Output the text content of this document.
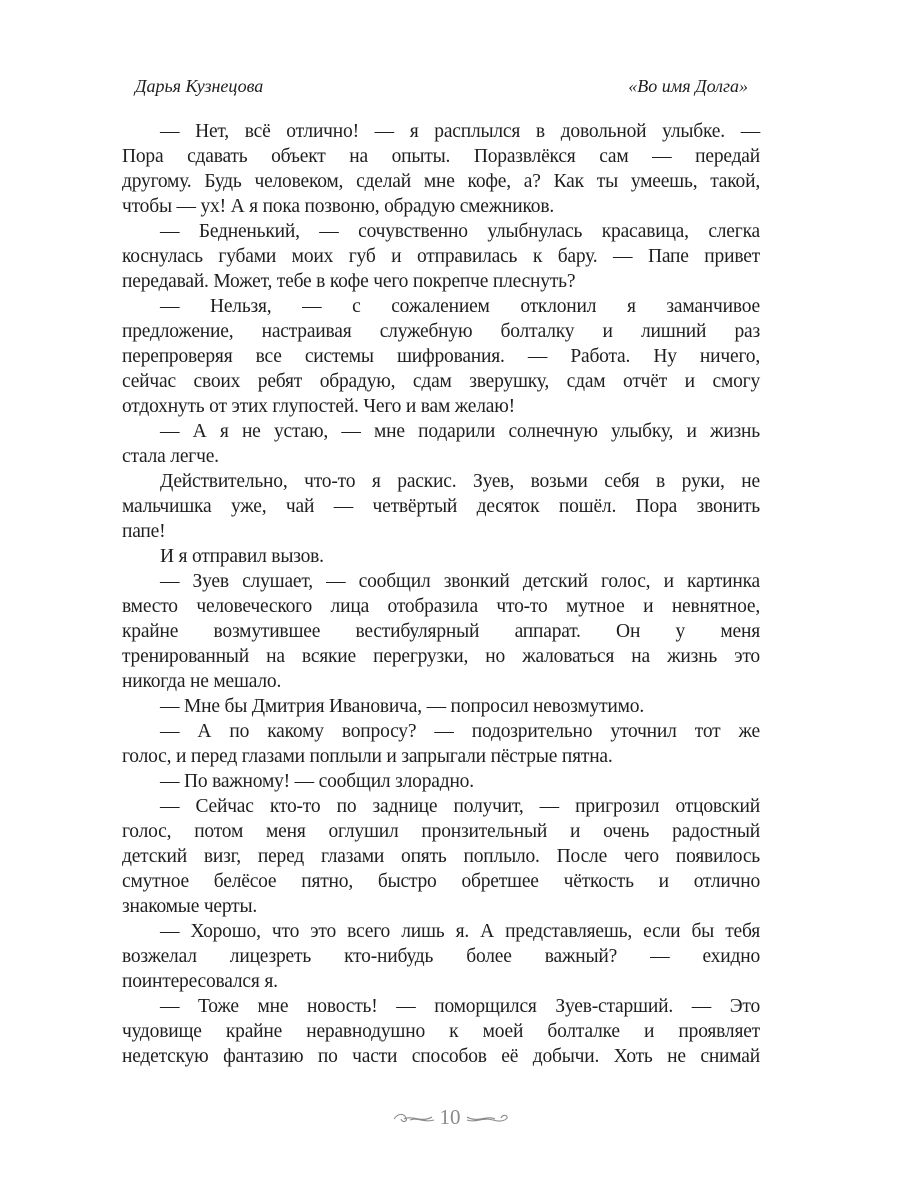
Дарья Кузнецова	«Во имя Долга»
— Нет, всё отлично! — я расплылся в довольной улыбке. —
Пора сдавать объект на опыты. Поразвлёкся сам — передай
другому. Будь человеком, сделай мне кофе, а? Как ты умеешь, такой,
чтобы — ух! А я пока позвоню, обрадую смежников.
— Бедненький, — сочувственно улыбнулась красавица, слегка
коснулась губами моих губ и отправилась к бару. — Папе привет
передавай. Может, тебе в кофе чего покрепче плеснуть?
— Нельзя, — с сожалением отклонил я заманчивое
предложение, настраивая служебную болталку и лишний раз
перепроверяя все системы шифрования. — Работа. Ну ничего,
сейчас своих ребят обрадую, сдам зверушку, сдам отчёт и смогу
отдохнуть от этих глупостей. Чего и вам желаю!
— А я не устаю, — мне подарили солнечную улыбку, и жизнь
стала легче.
Действительно, что-то я раскис. Зуев, возьми себя в руки, не
мальчишка уже, чай — четвёртый десяток пошёл. Пора звонить
папе!
И я отправил вызов.
— Зуев слушает, — сообщил звонкий детский голос, и картинка
вместо человеческого лица отобразила что-то мутное и невнятное,
крайне возмутившее вестибулярный аппарат. Он у меня
тренированный на всякие перегрузки, но жаловаться на жизнь это
никогда не мешало.
— Мне бы Дмитрия Ивановича, — попросил невозмутимо.
— А по какому вопросу? — подозрительно уточнил тот же
голос, и перед глазами поплыли и запрыгали пёстрые пятна.
— По важному! — сообщил злорадно.
— Сейчас кто-то по заднице получит, — пригрозил отцовский
голос, потом меня оглушил пронзительный и очень радостный
детский визг, перед глазами опять поплыло. После чего появилось
смутное белёсое пятно, быстро обретшее чёткость и отлично
знакомые черты.
— Хорошо, что это всего лишь я. А представляешь, если бы тебя
возжелал лицезреть кто-нибудь более важный? — ехидно
поинтересовался я.
— Тоже мне новость! — поморщился Зуев-старший. — Это
чудовище крайне неравнодушно к моей болталке и проявляет
недетскую фантазию по части способов её добычи. Хоть не снимай
10
